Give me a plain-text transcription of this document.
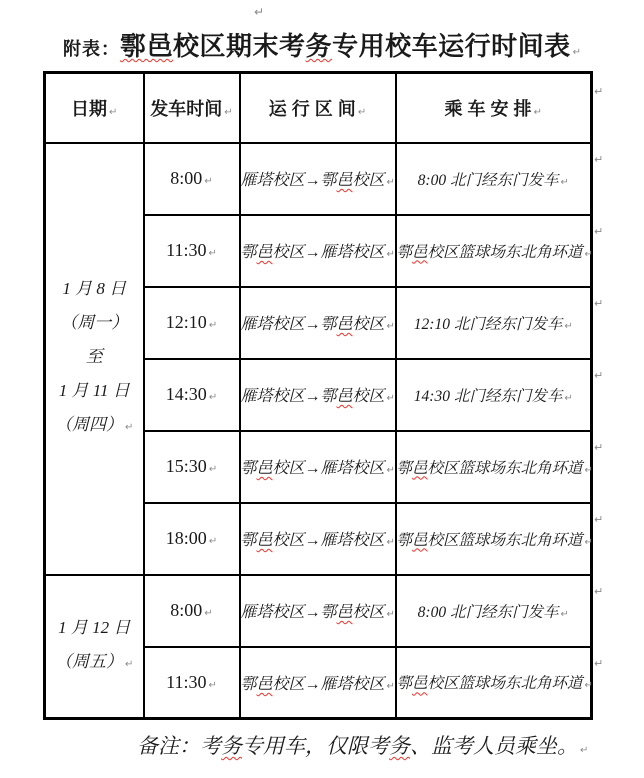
↵
附表：鄠邑校区期末考务专用校车运行时间表 ↵
日期 ↵	发车时间 ↵	运 行 区 间 ↵	乘 车 安 排 ↵

1 月 8 日
（周一）
至
1 月 11 日
（周四） ↵	8:00 ↵	雁塔校区→鄠邑校区 ↵	8:00 北门经东门发车 ↵
	11:30 ↵	鄠邑校区→雁塔校区 ↵	鄠邑校区篮球场东北角环道 ↵
	12:10 ↵	雁塔校区→鄠邑校区 ↵	12:10 北门经东门发车 ↵
	14:30 ↵	雁塔校区→鄠邑校区 ↵	14:30 北门经东门发车 ↵
	15:30 ↵	鄠邑校区→雁塔校区 ↵	鄠邑校区篮球场东北角环道 ↵
	18:00 ↵	鄠邑校区→雁塔校区 ↵	鄠邑校区篮球场东北角环道 ↵

1 月 12 日
（周五） ↵	8:00 ↵	雁塔校区→鄠邑校区 ↵	8:00 北门经东门发车 ↵
	11:30 ↵	鄠邑校区→雁塔校区 ↵	鄠邑校区篮球场东北角环道 ↵
↵
↵
↵
↵
↵
↵
↵
↵
↵
备注：考务专用车，仅限考务、监考人员乘坐。 ↵
